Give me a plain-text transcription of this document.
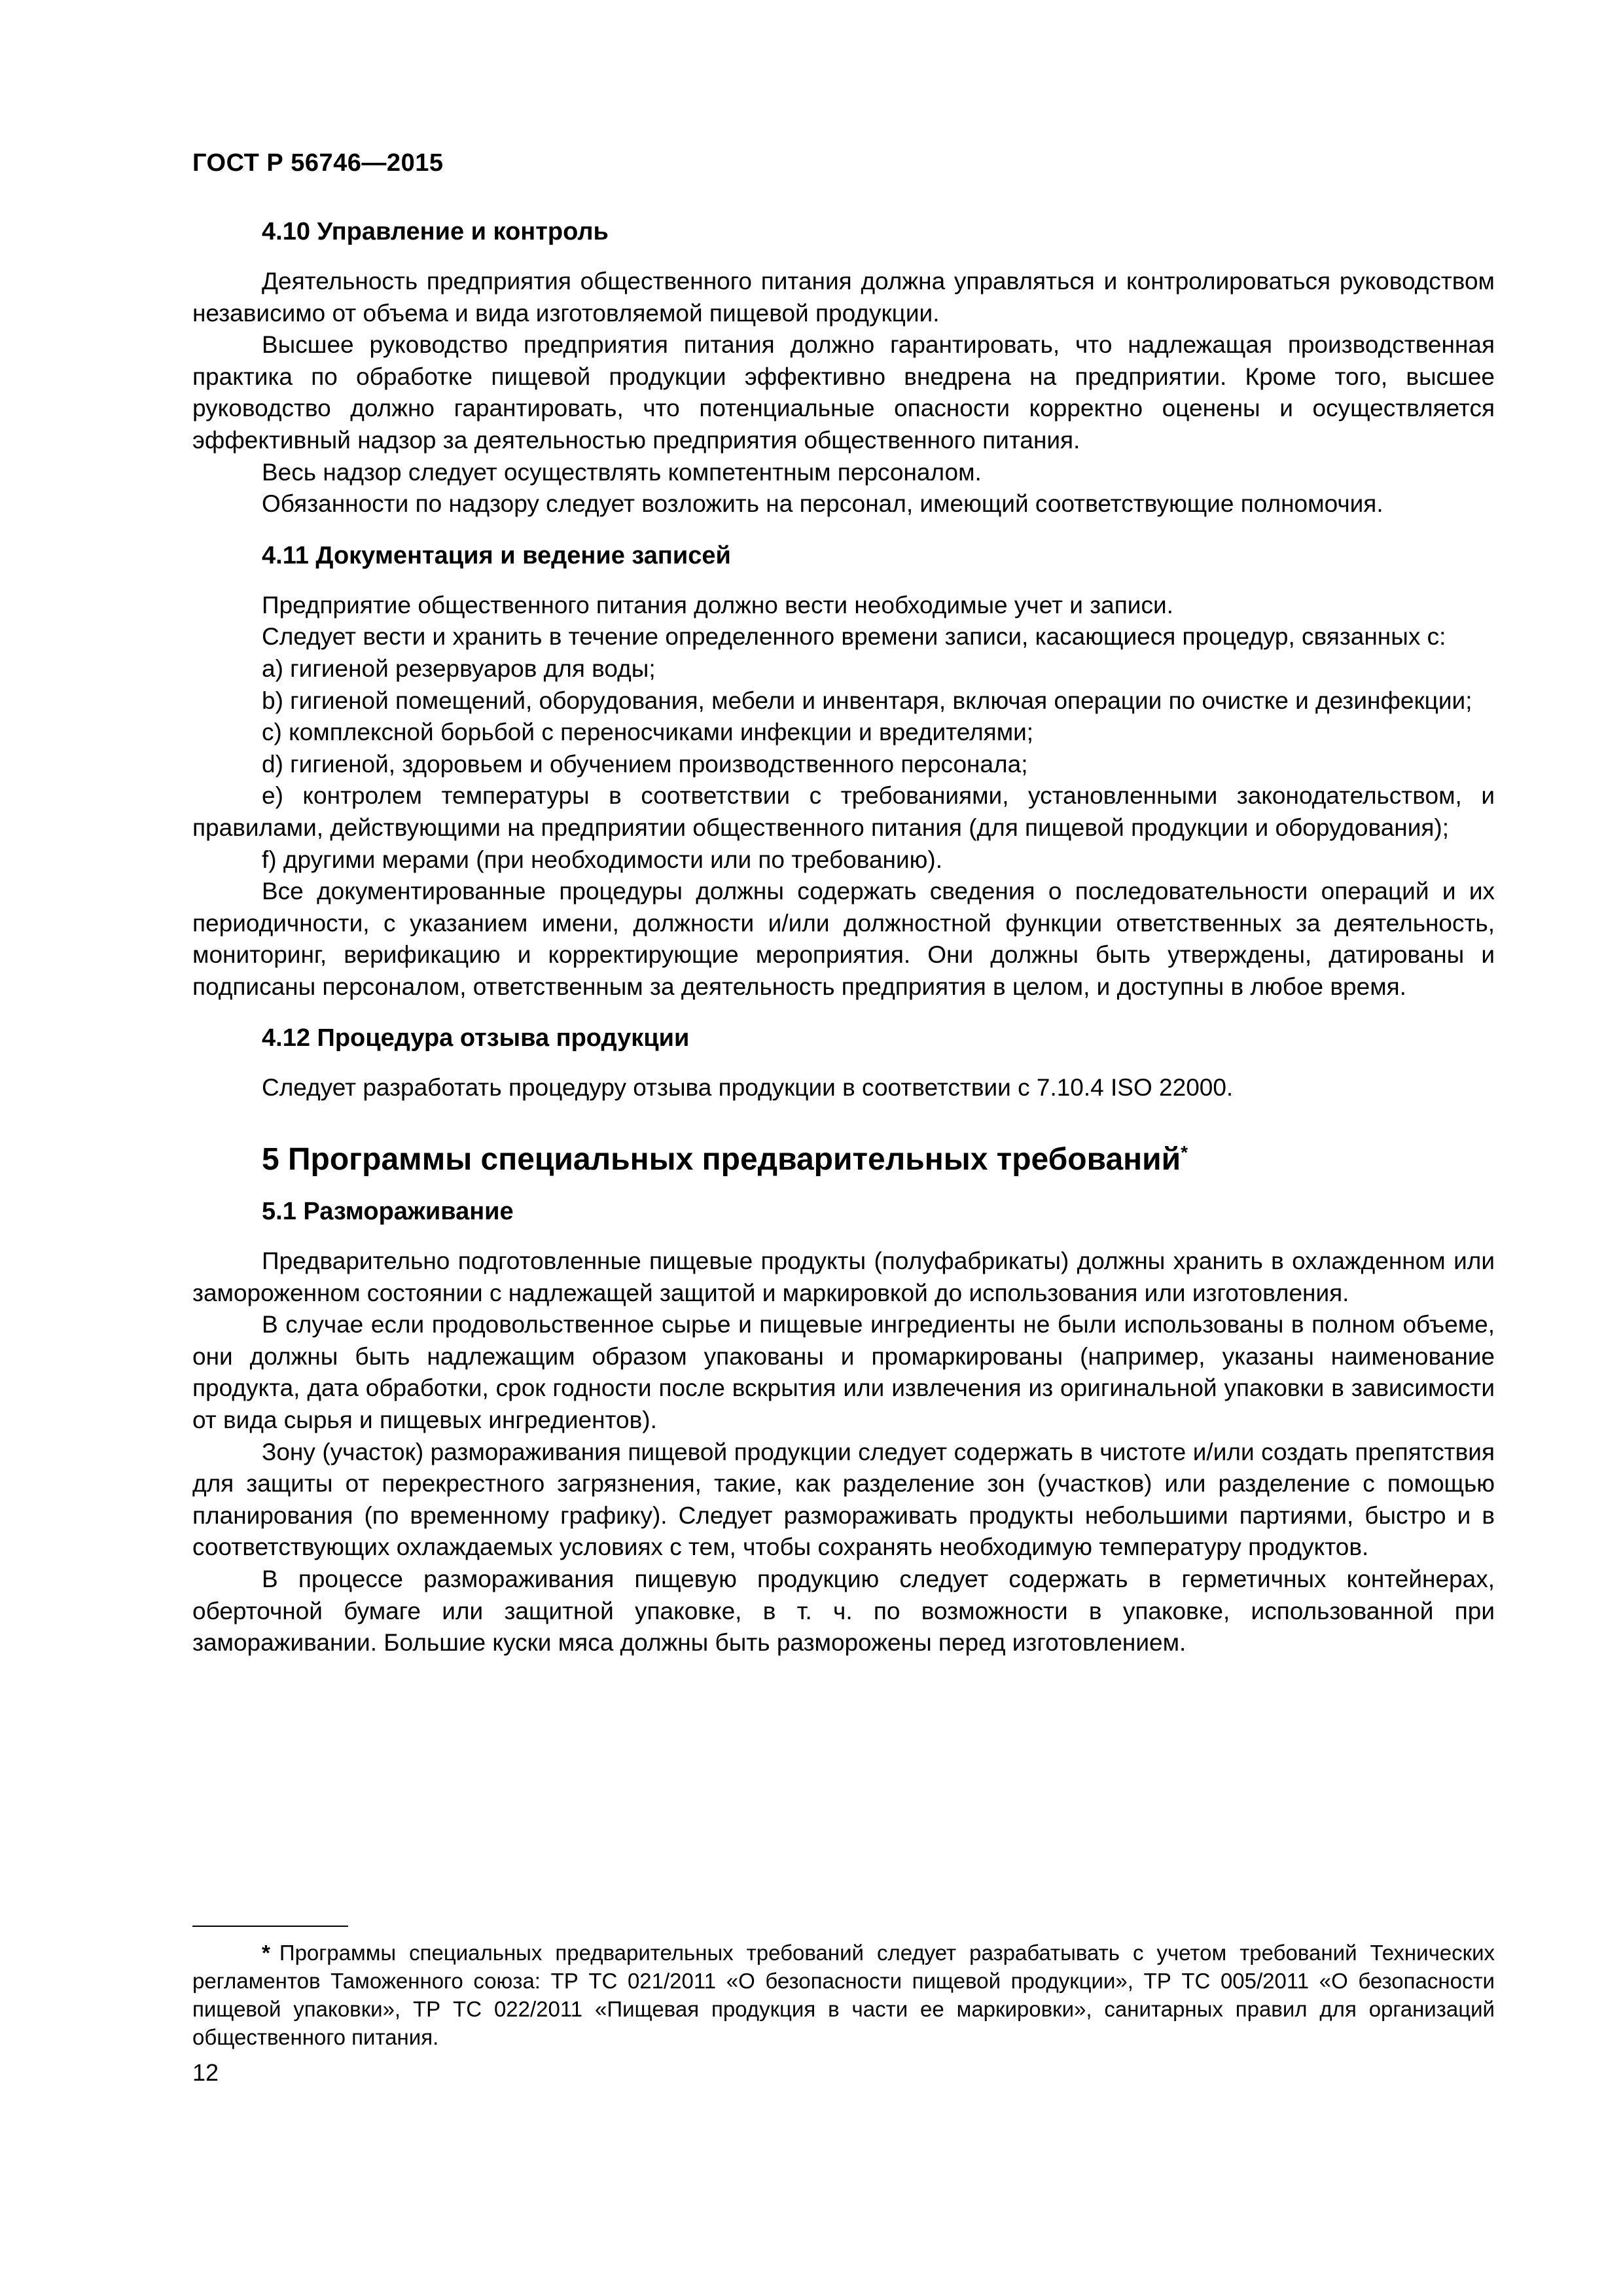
ГОСТ Р 56746—2015
4.10 Управление и контроль

Деятельность предприятия общественного питания должна управляться и контролироваться руководством независимо от объема и вида изготовляемой пищевой продукции.

Высшее руководство предприятия питания должно гарантировать, что надлежащая производственная практика по обработке пищевой продукции эффективно внедрена на предприятии. Кроме того, высшее руководство должно гарантировать, что потенциальные опасности корректно оценены и осуществляется эффективный надзор за деятельностью предприятия общественного питания.

Весь надзор следует осуществлять компетентным персоналом.

Обязанности по надзору следует возложить на персонал, имеющий соответствующие полномочия.

4.11 Документация и ведение записей

Предприятие общественного питания должно вести необходимые учет и записи.

Следует вести и хранить в течение определенного времени записи, касающиеся процедур, связанных с:

a) гигиеной резервуаров для воды;

b) гигиеной помещений, оборудования, мебели и инвентаря, включая операции по очистке и дезинфекции;

c) комплексной борьбой с переносчиками инфекции и вредителями;

d) гигиеной, здоровьем и обучением производственного персонала;

e) контролем температуры в соответствии с требованиями, установленными законодательством, и правилами, действующими на предприятии общественного питания (для пищевой продукции и оборудования);

f) другими мерами (при необходимости или по требованию).

Все документированные процедуры должны содержать сведения о последовательности операций и их периодичности, с указанием имени, должности и/или должностной функции ответственных за деятельность, мониторинг, верификацию и корректирующие мероприятия. Они должны быть утверждены, датированы и подписаны персоналом, ответственным за деятельность предприятия в целом, и доступны в любое время.

4.12 Процедура отзыва продукции

Следует разработать процедуру отзыва продукции в соответствии с 7.10.4 ISO 22000.

5 Программы специальных предварительных требований*
5.1 Размораживание

Предварительно подготовленные пищевые продукты (полуфабрикаты) должны хранить в охлажденном или замороженном состоянии с надлежащей защитой и маркировкой до использования или изготовления.

В случае если продовольственное сырье и пищевые ингредиенты не были использованы в полном объеме, они должны быть надлежащим образом упакованы и промаркированы (например, указаны наименование продукта, дата обработки, срок годности после вскрытия или извлечения из оригинальной упаковки в зависимости от вида сырья и пищевых ингредиентов).

Зону (участок) размораживания пищевой продукции следует содержать в чистоте и/или создать препятствия для защиты от перекрестного загрязнения, такие, как разделение зон (участков) или разделение с помощью планирования (по временному графику). Следует размораживать продукты небольшими партиями, быстро и в соответствующих охлаждаемых условиях с тем, чтобы сохранять необходимую температуру продуктов.

В процессе размораживания пищевую продукцию следует содержать в герметичных контейнерах, оберточной бумаге или защитной упаковке, в т. ч. по возможности в упаковке, использованной при замораживании. Большие куски мяса должны быть разморожены перед изготовлением.

* Программы специальных предварительных требований следует разрабатывать с учетом требований Технических регламентов Таможенного союза: ТР ТС 021/2011 «О безопасности пищевой продукции», ТР ТС 005/2011 «О безопасности пищевой упаковки», ТР ТС 022/2011 «Пищевая продукция в части ее маркировки», санитарных правил для организаций общественного питания.
12
